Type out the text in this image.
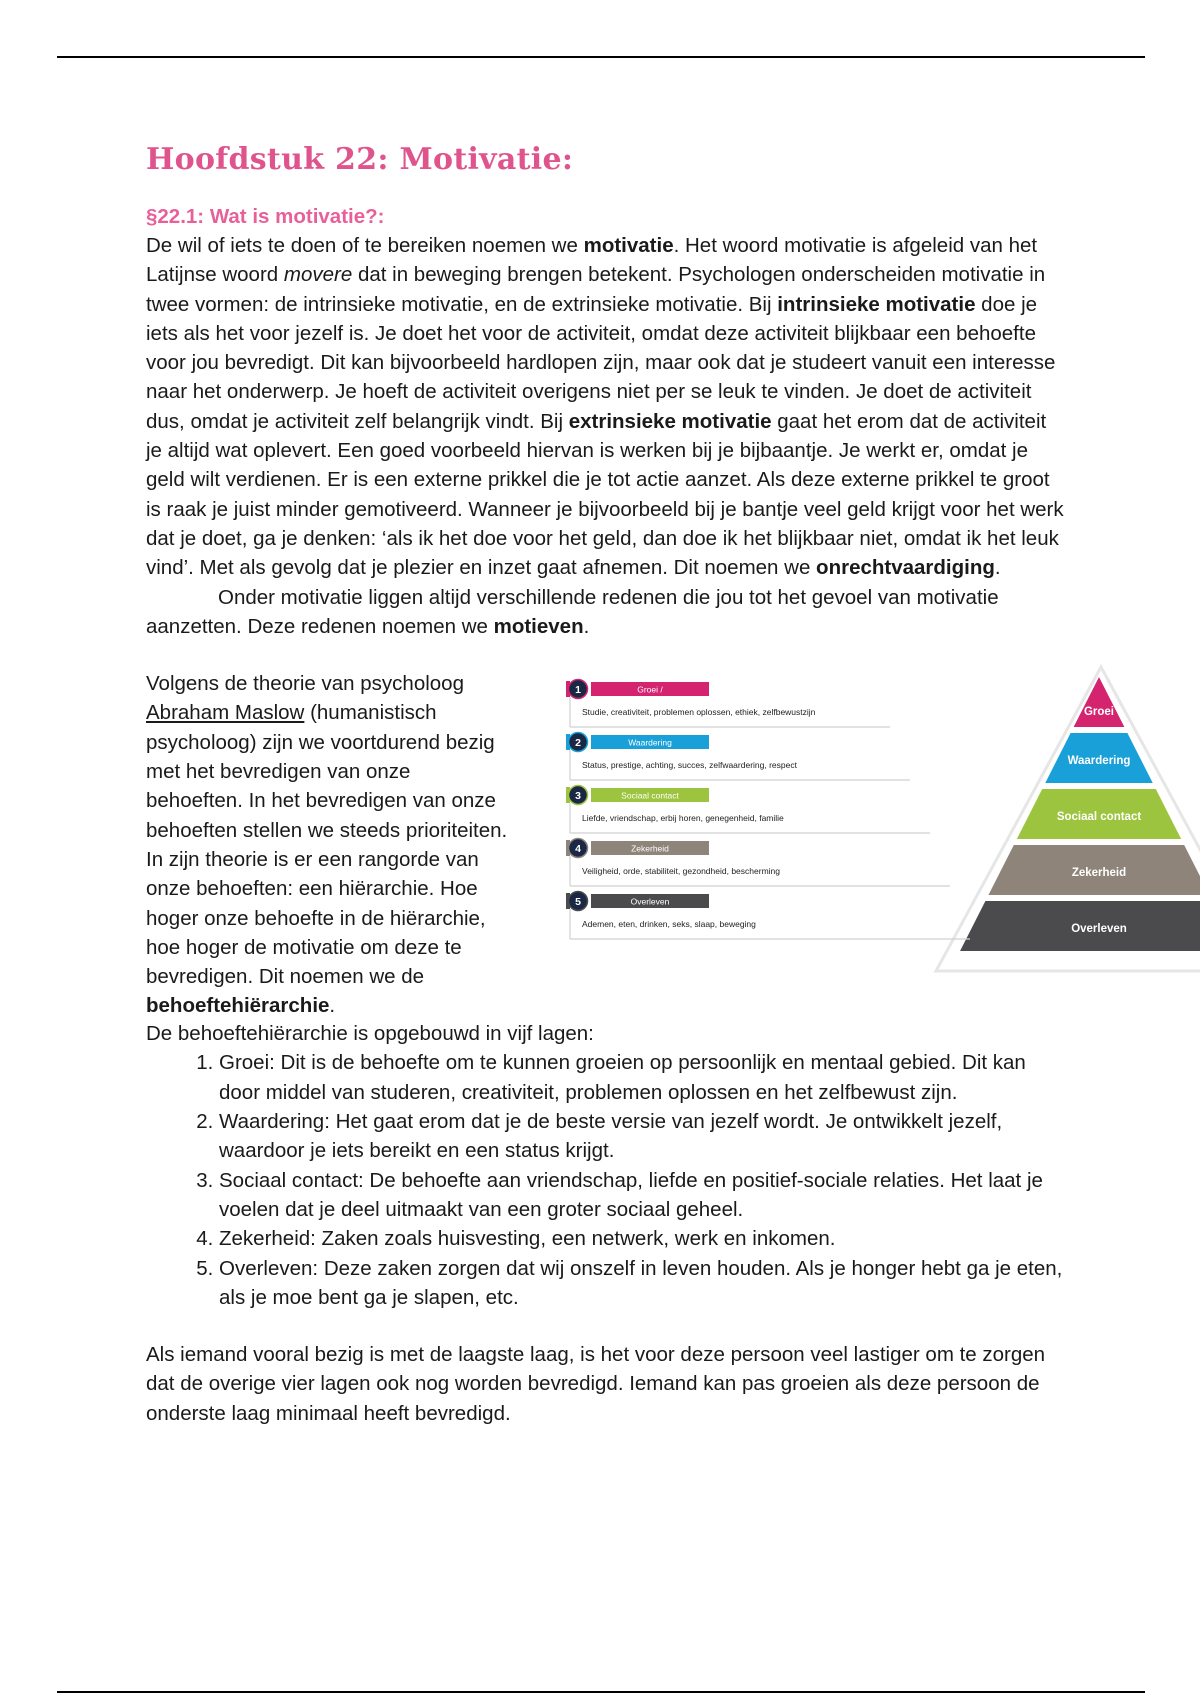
Hoofdstuk 22: Motivatie:
§22.1: Wat is motivatie?:

De wil of iets te doen of te bereiken noemen we motivatie. Het woord motivatie is afgeleid van het Latijnse woord movere dat in beweging brengen betekent. Psychologen onderscheiden motivatie in twee vormen: de intrinsieke motivatie, en de extrinsieke motivatie. Bij intrinsieke motivatie doe je iets als het voor jezelf is. Je doet het voor de activiteit, omdat deze activiteit blijkbaar een behoefte voor jou bevredigt. Dit kan bijvoorbeeld hardlopen zijn, maar ook dat je studeert vanuit een interesse naar het onderwerp. Je hoeft de activiteit overigens niet per se leuk te vinden. Je doet de activiteit dus, omdat je activiteit zelf belangrijk vindt. Bij extrinsieke motivatie gaat het erom dat de activiteit je altijd wat oplevert. Een goed voorbeeld hiervan is werken bij je bijbaantje. Je werkt er, omdat je geld wilt verdienen. Er is een externe prikkel die je tot actie aanzet. Als deze externe prikkel te groot is raak je juist minder gemotiveerd. Wanneer je bijvoorbeeld bij je bantje veel geld krijgt voor het werk dat je doet, ga je denken: ‘als ik het doe voor het geld, dan doe ik het blijkbaar niet, omdat ik het leuk vind’. Met als gevolg dat je plezier en inzet gaat afnemen. Dit noemen we onrechtvaardiging.

Onder motivatie liggen altijd verschillende redenen die jou tot het gevoel van motivatie aanzetten. Deze redenen noemen we motieven.

Volgens de theorie van psycholoog Abraham Maslow (humanistisch psycholoog) zijn we voortdurend bezig met het bevredigen van onze behoeften. In het bevredigen van onze behoeften stellen we steeds prioriteiten. In zijn theorie is er een rangorde van onze behoeften: een hiërarchie. Hoe hoger onze behoefte in de hiërarchie, hoe hoger de motivatie om deze te bevredigen. Dit noemen we de behoeftehiërarchie.

Groei
1	Groei /
Studie, creativiteit, problemen oplossen, ethiek, zelfbewustzijn
Waardering
2	Waardering
Status, prestige, achting, succes, zelfwaardering, respect
Sociaal contact
3	Sociaal contact
Liefde, vriendschap, erbij horen, genegenheid, familie
Zekerheid
4	Zekerheid
Veiligheid, orde, stabiliteit, gezondheid, bescherming
Overleven
5	Overleven
Ademen, eten, drinken, seks, slaap, beweging

De behoeftehiërarchie is opgebouwd in vijf lagen:

1. Groei: Dit is de behoefte om te kunnen groeien op persoonlijk en mentaal gebied. Dit kan door middel van studeren, creativiteit, problemen oplossen en het zelfbewust zijn.
2. Waardering: Het gaat erom dat je de beste versie van jezelf wordt. Je ontwikkelt jezelf, waardoor je iets bereikt en een status krijgt.
3. Sociaal contact: De behoefte aan vriendschap, liefde en positief-sociale relaties. Het laat je voelen dat je deel uitmaakt van een groter sociaal geheel.
4. Zekerheid: Zaken zoals huisvesting, een netwerk, werk en inkomen.
5. Overleven: Deze zaken zorgen dat wij onszelf in leven houden. Als je honger hebt ga je eten, als je moe bent ga je slapen, etc.

Als iemand vooral bezig is met de laagste laag, is het voor deze persoon veel lastiger om te zorgen dat de overige vier lagen ook nog worden bevredigd. Iemand kan pas groeien als deze persoon de onderste laag minimaal heeft bevredigd.
